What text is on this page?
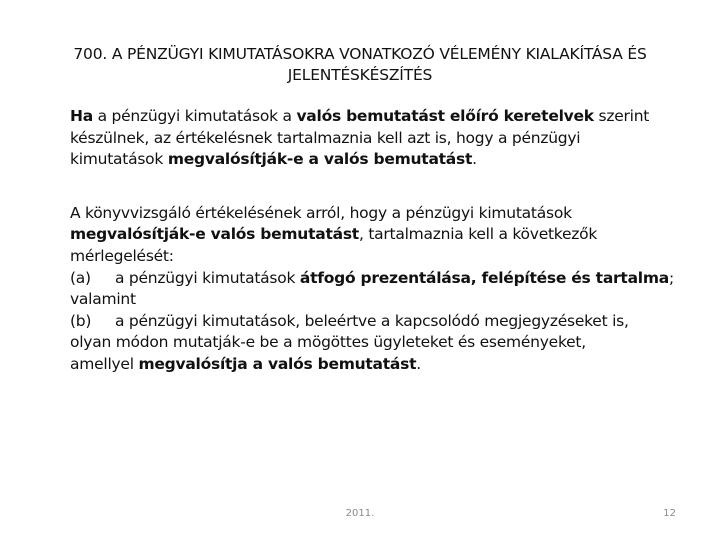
700. A PÉNZÜGYI KIMUTATÁSOKRA VONATKOZÓ VÉLEMÉNY KIALAKÍTÁSA ÉS
JELENTÉSKÉSZÍTÉS

Ha a pénzügyi kimutatások a valós bemutatást előíró keretelvek szerint
készülnek, az értékelésnek tartalmaznia kell azt is, hogy a pénzügyi
kimutatások megvalósítják-e a valós bemutatást.

A könyvvizsgáló értékelésének arról, hogy a pénzügyi kimutatások
megvalósítják-e valós bemutatást, tartalmaznia kell a következők
mérlegelését:
(a) a pénzügyi kimutatások átfogó prezentálása, felépítése és tartalma;
valamint
(b) a pénzügyi kimutatások, beleértve a kapcsolódó megjegyzéseket is,
olyan módon mutatják-e be a mögöttes ügyleteket és eseményeket,
amellyel megvalósítja a valós bemutatást.

2011.	12
